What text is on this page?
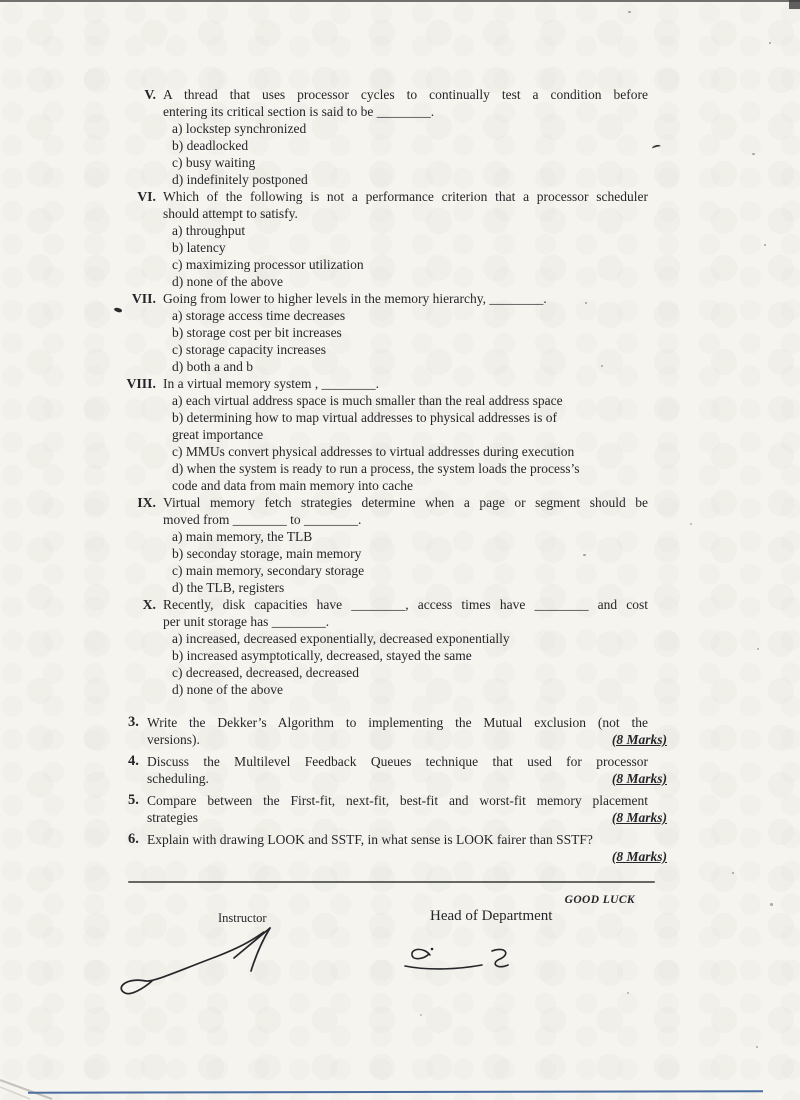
V. A thread that uses processor cycles to continually test a condition before
entering its critical section is said to be ________.
a) lockstep synchronized
b) deadlocked
c) busy waiting
d) indefinitely postponed
VI. Which of the following is not a performance criterion that a processor scheduler
should attempt to satisfy.
a) throughput
b) latency
c) maximizing processor utilization
d) none of the above
VII. Going from lower to higher levels in the memory hierarchy, ________.
a) storage access time decreases
b) storage cost per bit increases
c) storage capacity increases
d) both a and b
VIII. In a virtual memory system , ________.
a) each virtual address space is much smaller than the real address space
b) determining how to map virtual addresses to physical addresses is of
great importance
c) MMUs convert physical addresses to virtual addresses during execution
d) when the system is ready to run a process, the system loads the process’s
code and data from main memory into cache
IX. Virtual memory fetch strategies determine when a page or segment should be
moved from ________ to ________.
a) main memory, the TLB
b) seconday storage, main memory
c) main memory, secondary storage
d) the TLB, registers
X. Recently, disk capacities have ________, access times have ________ and cost
per unit storage has ________.
a) increased, decreased exponentially, decreased exponentially
b) increased asymptotically, decreased, stayed the same
c) decreased, decreased, decreased
d) none of the above
3. Write the Dekker’s Algorithm to implementing the Mutual exclusion (not the
versions).	(8 Marks)
4. Discuss the Multilevel Feedback Queues technique that used for processor
scheduling.	(8 Marks)
5. Compare between the First-fit, next-fit, best-fit and worst-fit memory placement
strategies	(8 Marks)
6. Explain with drawing LOOK and SSTF, in what sense is LOOK fairer than SSTF?
(8 Marks)
GOOD LUCK
Instructor	Head of Department
